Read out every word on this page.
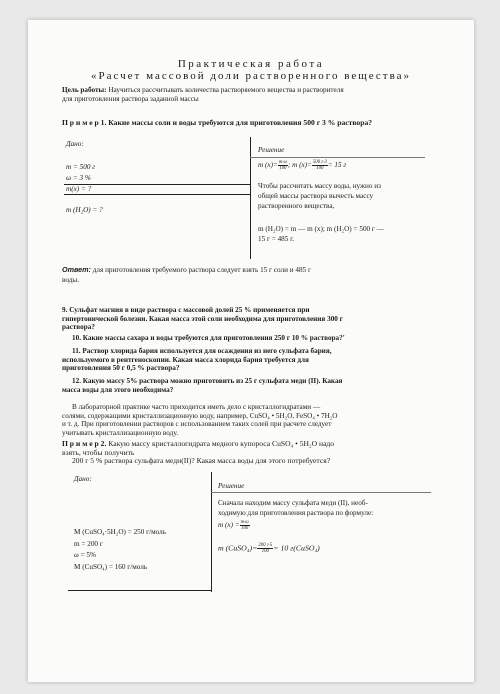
Практическая работа
«Расчет массовой доли растворенного вещества»
Цель работы: Научиться рассчитывать количества растворяемого вещества и растворителя
для приготовления раствора заданной массы
П р и м е р 1. Какие массы соли и воды требуются для приготовления 500 г 3 % раствора?
Дано:
m = 500 г
ω = 3 %
m(x) = ?
m (H₂O) = ?
Решение
m $(x)= \frac{m\cdot\omega}{100}$ ; m $(x)= \frac{500 г\cdot 3}{100} = 15$ г
Чтобы рассчитать массу воды, нужно из
общей массы раствора вычесть массу
растворенного вещества,
m (H₂O) = m — m (x); m (H₂O) = 500 г —
15 г = 485 г.
Ответ: для приготовления требуемого раствора следует взять 15 г соли и 485 г
воды.
9. Сульфат магния в виде раствора с массовой долей 25 % применяется при
гипертонической болезни. Какая масса этой соли необходима для приготовления 300 г
раствора?
10. Какие массы сахара и воды требуются для приготовления 250 г 10 % раствора?'
11. Раствор хлорида бария используется для осаждения из него сульфата бария,
используемого в рентгеноскопии. Какая масса хлорида бария требуется для
приготовления 50 г 0,5 % раствора?
12. Какую массу 5% раствора можно приготовить из 25 г сульфата меди (II). Какая
масса воды для этого необходима?
В лабораторной практике часто приходится иметь дело с кристаллогидратами —
солями, содержащими кристаллизационную воду, например, CuSO₄ • 5H₂O, FeSO₄ • 7H₂O
и т. д. При приготовлении растворов с использованием таких солей при расчете следует
учитывать кристаллизационную воду.
П р и м е р 2. Какую массу кристаллогидрата медного купороса CuSO₄ • 5H₂O надо
взять, чтобы получить
200 г 5 % раствора сульфата меди(II)? Какая масса воды для этого потребуется?
Дано:
M (CuSO₄·5H₂O) = 250 г/моль
m = 200 г
ω = 5%
M (CuSO₄) = 160 г/моль
Решение
Сначала находим массу сульфата меди (II), необ-
ходимую для приготовления раствора по формуле:
m $(x) = \frac{m\cdot\omega}{100}$
m (CuSO₄)= $\frac{200 г\cdot 5}{100} = 10$ г(CuSO₄)
